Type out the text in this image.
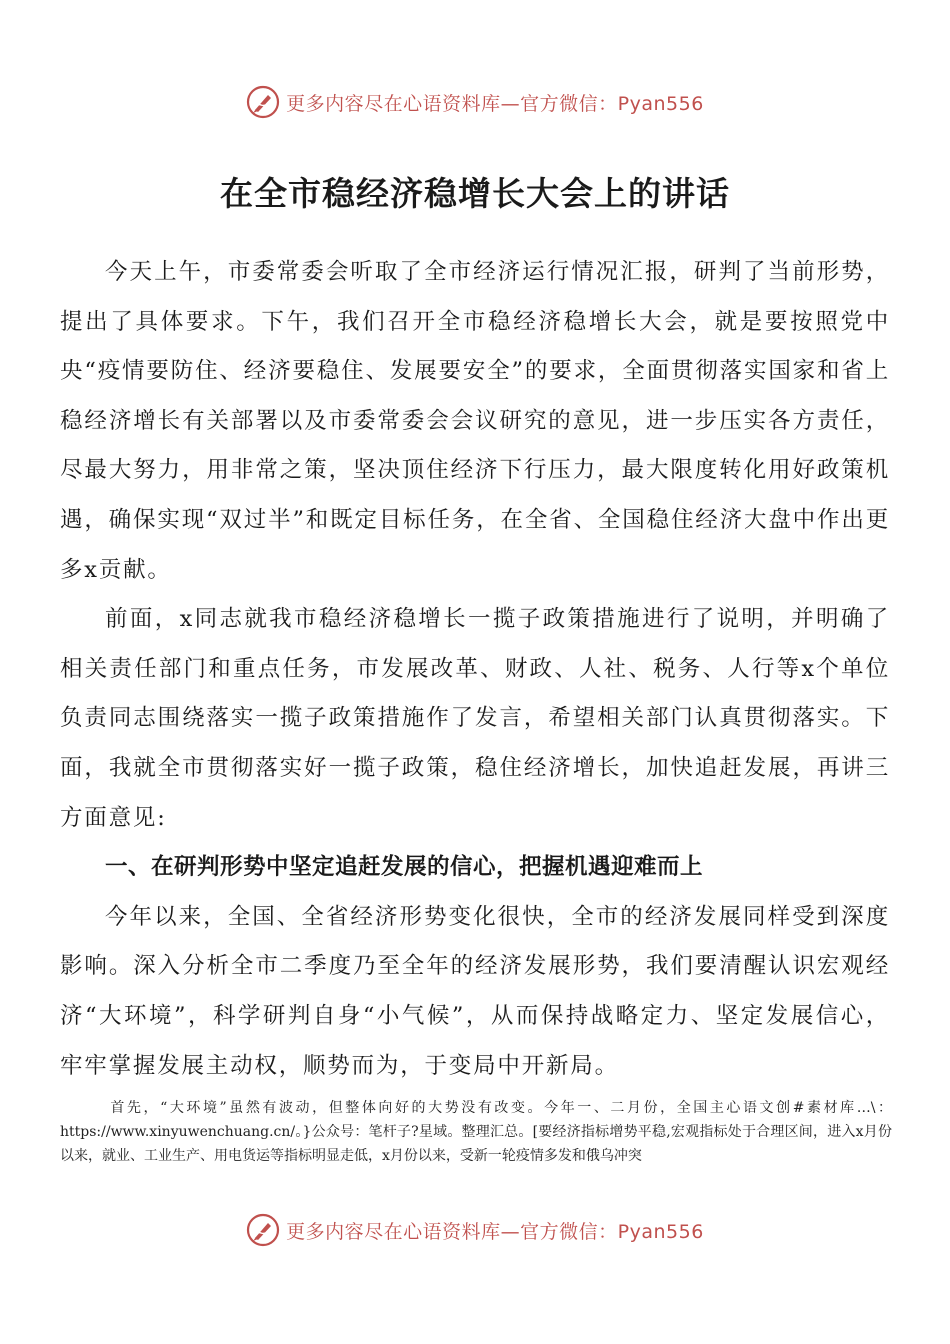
更多内容尽在心语资料库—官方微信：Pyan556
在全市稳经济稳增长大会上的讲话

今天上午，市委常委会听取了全市经济运行情况汇报，研判了当前形势，提出了具体要求。下午，我们召开全市稳经济稳增长大会，就是要按照党中央“疫情要防住、经济要稳住、发展要安全”的要求，全面贯彻落实国家和省上稳经济增长有关部署以及市委常委会会议研究的意见，进一步压实各方责任，尽最大努力，用非常之策，坚决顶住经济下行压力，最大限度转化用好政策机遇，确保实现“双过半”和既定目标任务，在全省、全国稳住经济大盘中作出更多x贡献。

前面，x同志就我市稳经济稳增长一揽子政策措施进行了说明，并明确了相关责任部门和重点任务，市发展改革、财政、人社、税务、人行等x个单位负责同志围绕落实一揽子政策措施作了发言，希望相关部门认真贯彻落实。下面，我就全市贯彻落实好一揽子政策，稳住经济增长，加快追赶发展，再讲三方面意见:

一、在研判形势中坚定追赶发展的信心，把握机遇迎难而上

今年以来，全国、全省经济形势变化很快，全市的经济发展同样受到深度影响。深入分析全市二季度乃至全年的经济发展形势，我们要清醒认识宏观经济“大环境”，科学研判自身“小气候”，从而保持战略定力、坚定发展信心，牢牢掌握发展主动权，顺势而为，于变局中开新局。

首先，“大环境”虽然有波动，但整体向好的大势没有改变。今年一、二月份，全国主心语文创#素材库…\：https://www.xinyuwenchuang.cn/。}公众号：笔杆子?星域。整理汇总。[要经济指标增势平稳,宏观指标处于合理区间，进入x月份以来，就业、工业生产、用电货运等指标明显走低，x月份以来，受新一轮疫情多发和俄乌冲突

更多内容尽在心语资料库—官方微信：Pyan556
